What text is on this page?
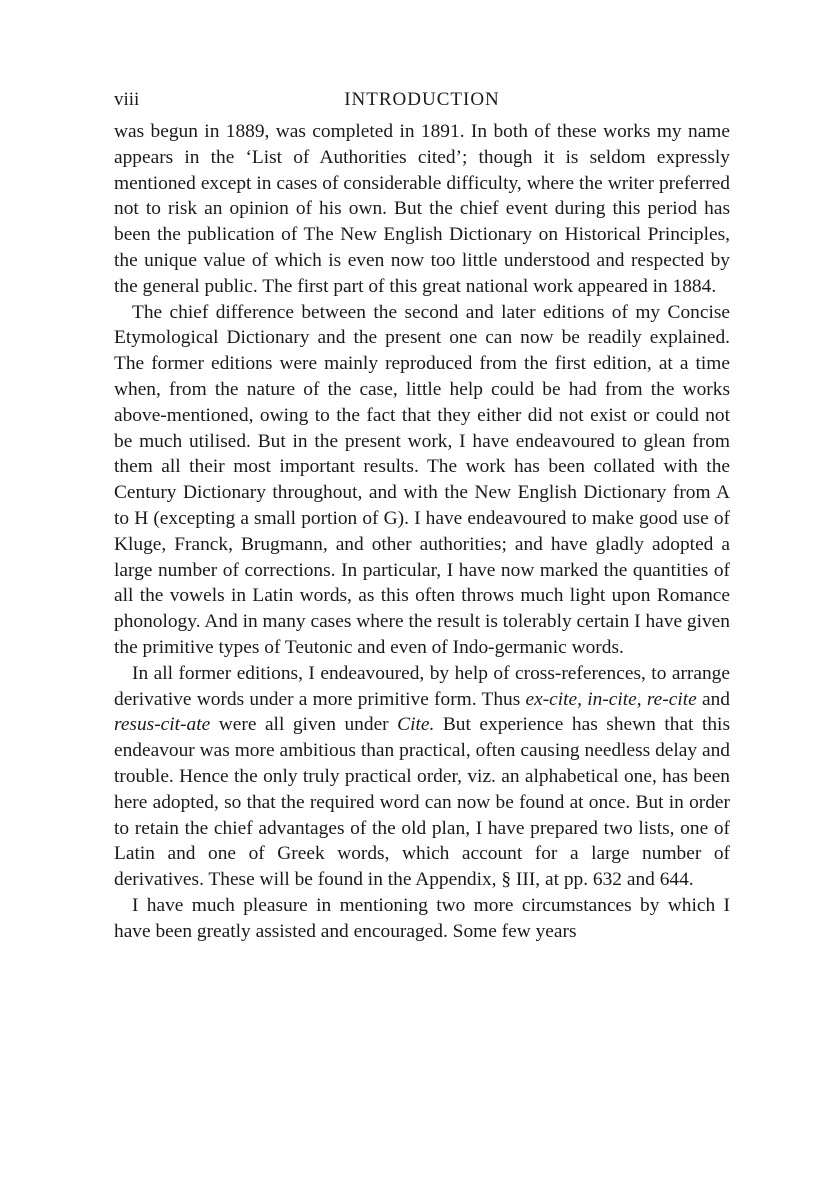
viii	INTRODUCTION

was begun in 1889, was completed in 1891. In both of these works my name appears in the ‘List of Authorities cited’; though it is seldom expressly mentioned except in cases of considerable difficulty, where the writer preferred not to risk an opinion of his own. But the chief event during this period has been the publication of The New English Dictionary on Historical Principles, the unique value of which is even now too little understood and respected by the general public. The first part of this great national work appeared in 1884.

The chief difference between the second and later editions of my Concise Etymological Dictionary and the present one can now be readily explained. The former editions were mainly reproduced from the first edition, at a time when, from the nature of the case, little help could be had from the works above-mentioned, owing to the fact that they either did not exist or could not be much utilised. But in the present work, I have endeavoured to glean from them all their most important results. The work has been collated with the Century Dictionary throughout, and with the New English Dictionary from A to H (excepting a small portion of G). I have endeavoured to make good use of Kluge, Franck, Brugmann, and other authorities; and have gladly adopted a large number of corrections. In particular, I have now marked the quantities of all the vowels in Latin words, as this often throws much light upon Romance phonology. And in many cases where the result is tolerably certain I have given the primitive types of Teutonic and even of Indo-germanic words.

In all former editions, I endeavoured, by help of cross-references, to arrange derivative words under a more primitive form. Thus ex-cite, in-cite, re-cite and resus-cit-ate were all given under Cite. But experience has shewn that this endeavour was more ambitious than practical, often causing needless delay and trouble. Hence the only truly practical order, viz. an alphabetical one, has been here adopted, so that the required word can now be found at once. But in order to retain the chief advantages of the old plan, I have prepared two lists, one of Latin and one of Greek words, which account for a large number of derivatives. These will be found in the Appendix, § III, at pp. 632 and 644.

I have much pleasure in mentioning two more circumstances by which I have been greatly assisted and encouraged. Some few years
